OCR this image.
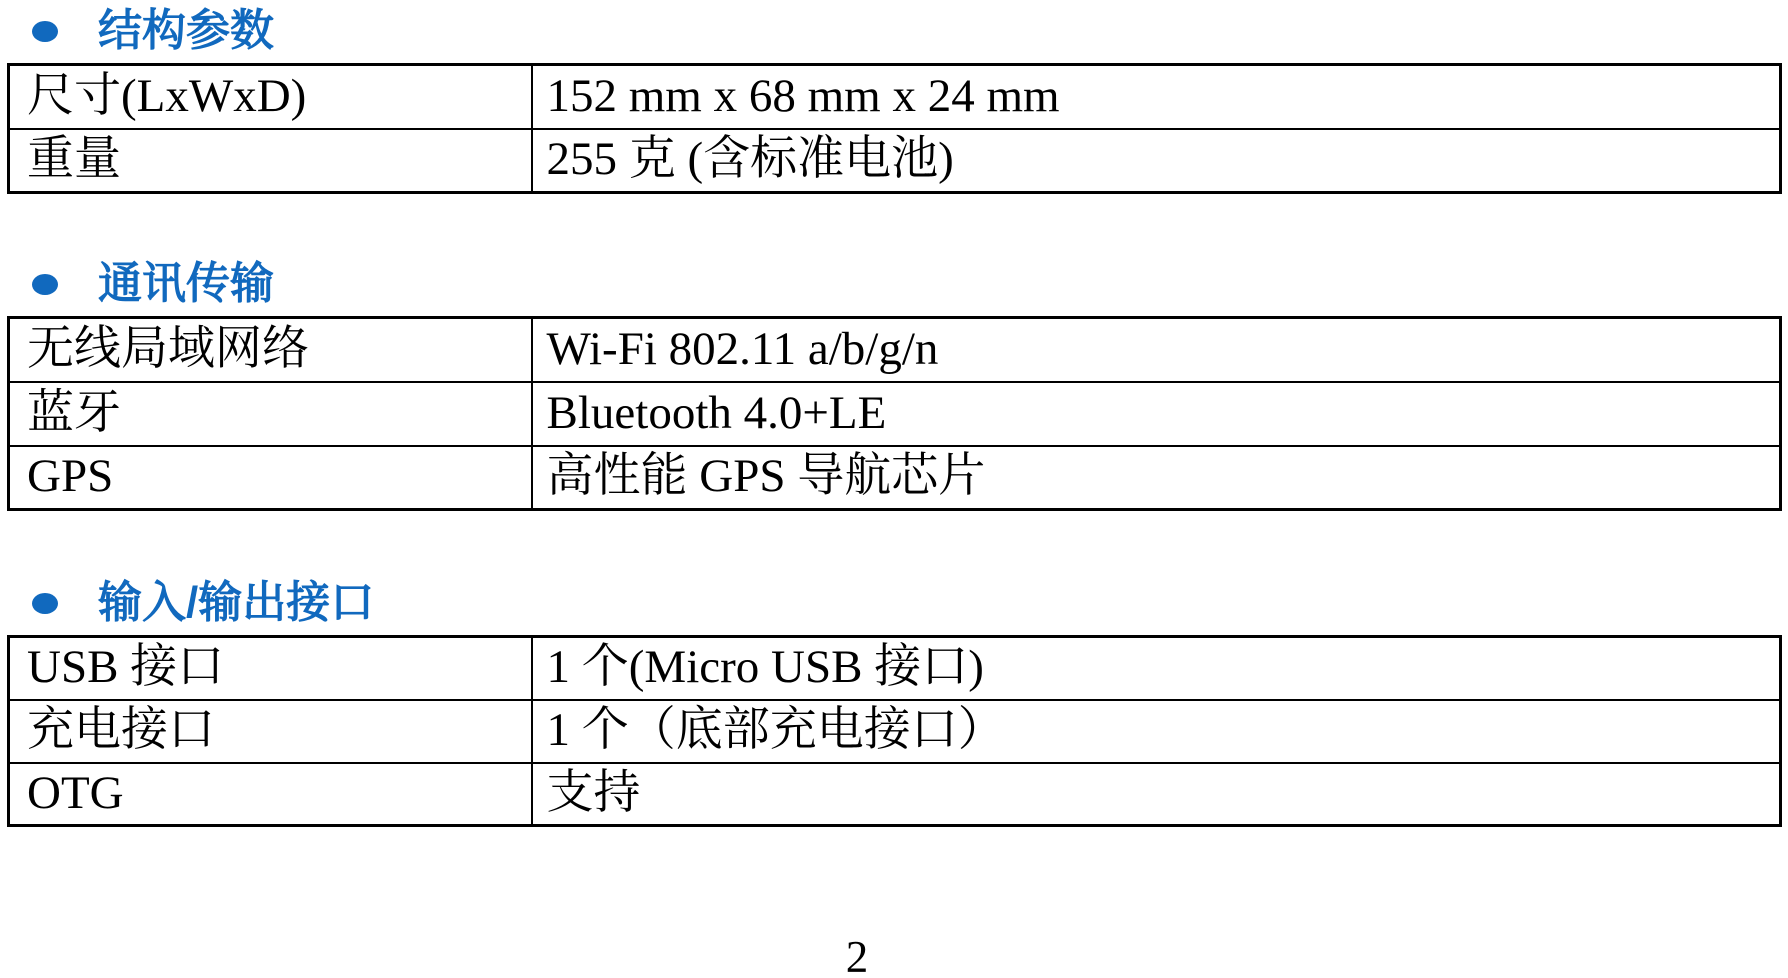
结构参数
尺寸(LxWxD)	152 mm x 68 mm x 24 mm
重量	255 克 (含标准电池)
通讯传输
无线局域网络	Wi-Fi 802.11 a/b/g/n
蓝牙	Bluetooth 4.0+LE
GPS	高性能 GPS 导航芯片
输入/输出接口
USB 接口	1 个(Micro USB 接口)
充电接口	1 个（底部充电接口）
OTG	支持
2
